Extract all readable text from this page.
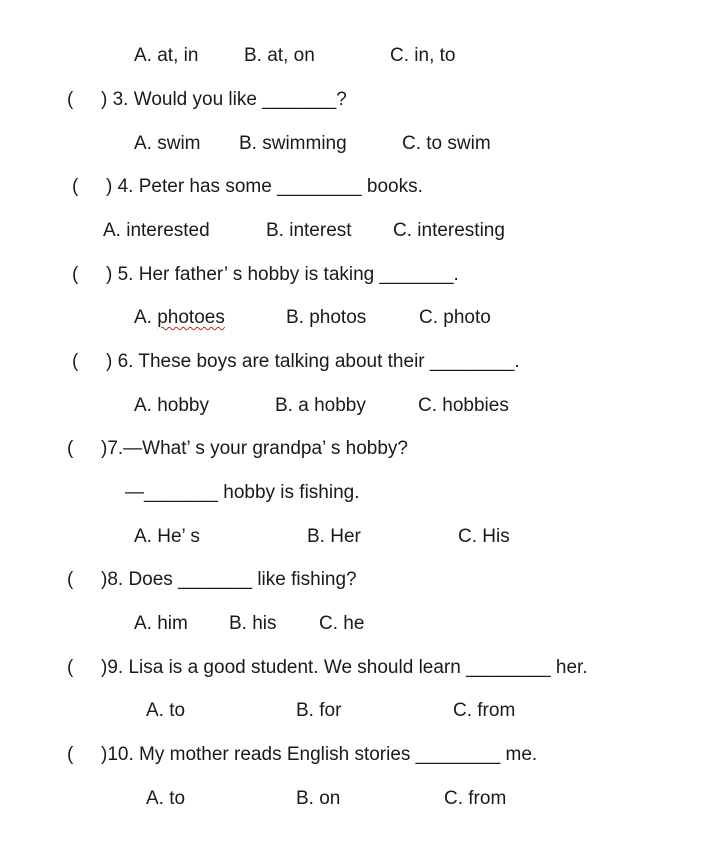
A. at, in B. at, on	C. in, to
( ) 3. Would you like _______?
A. swim B. swimming	C. to swim
( ) 4. Peter has some ________ books.
A. interested	B. interest C. interesting
( ) 5. Her father’ s hobby is taking _______.
A. photoes	B. photos	C. photo
( ) 6. These boys are talking about their ________.
A. hobby	B. a hobby	C. hobbies
( )7.—What’ s your grandpa’ s hobby?
—_______ hobby is fishing.
A. He’ s	B. Her	C. His
( )8. Does _______ like fishing?
A. him B. his C. he
( )9. Lisa is a good student. We should learn ________ her.
A. to	B. for	C. from
( )10. My mother reads English stories ________ me.
A. to	B. on	C. from
